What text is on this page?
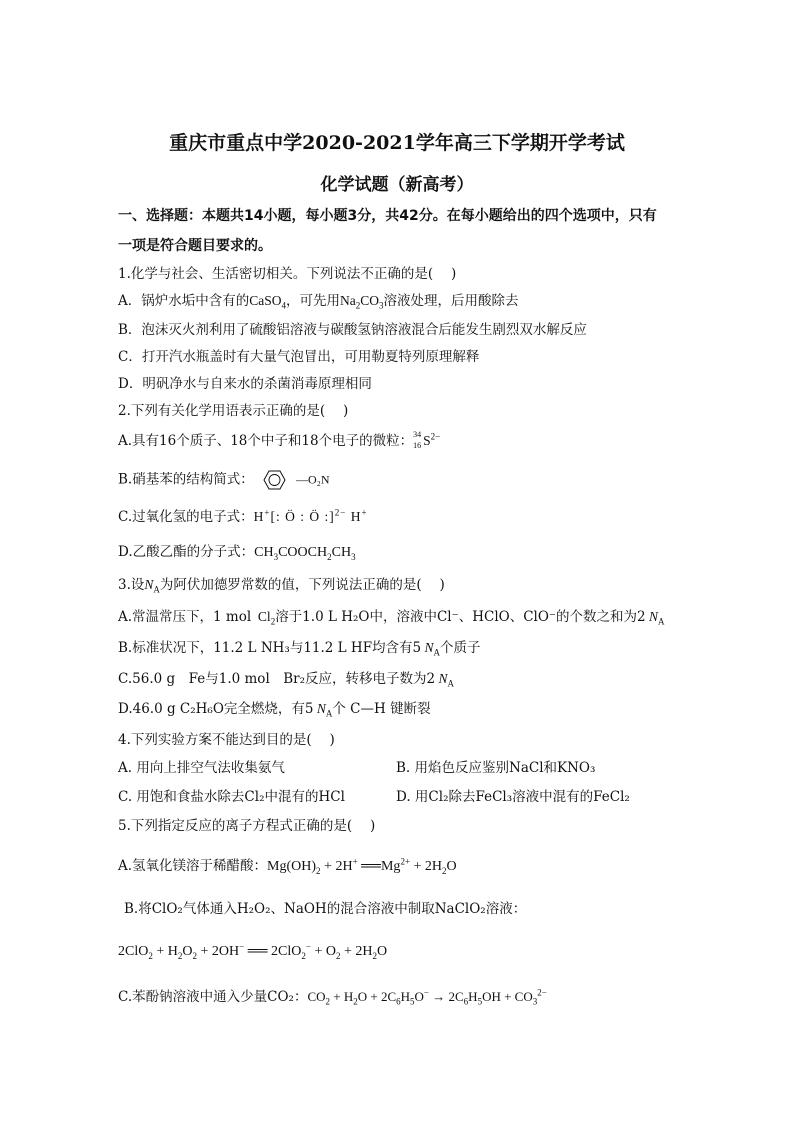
重庆市重点中学2020-2021学年高三下学期开学考试
化学试题（新高考）
一、选择题：本题共14小题，每小题3分，共42分。在每小题给出的四个选项中，只有
一项是符合题目要求的。
1.化学与社会、生活密切相关。下列说法不正确的是(　 )
A．锅炉水垢中含有的CaSO$_4$，可先用$Na_2CO_3$溶液处理，后用酸除去
B．泡沫灭火剂利用了硫酸铝溶液与碳酸氢钠溶液混合后能发生剧烈双水解反应
C．打开汽水瓶盖时有大量气泡冒出，可用勒夏特列原理解释
D．明矾净水与自来水的杀菌消毒原理相同
2.下列有关化学用语表示正确的是(　 )
A.具有16个质子、18个中子和18个电子的微粒： 34
16 $S^{2-}$
B.硝基苯的结构简式：	—O₂N
C.过氧化氢的电子式：H+[: Ö : Ö :]$^{2-}$ H+
D.乙酸乙酯的分子式：$CH_3COOCH_2CH_3$
3.设$N_A$为阿伏加德罗常数的值，下列说法正确的是(　 )
A.常温常压下，1 mol  $Cl_2$溶于1.0 L H₂O中，溶液中Cl⁻、HClO、ClO⁻的个数之和为2 $N_A$
B.标准状况下，11.2 L NH₃与11.2 L HF均含有5 $N_A$个质子
C.56.0 g　Fe与1.0 mol　Br₂反应，转移电子数为2 $N_A$
D.46.0 g C₂H₆O完全燃烧，有5 $N_A$个 C—H 键断裂
4.下列实验方案不能达到目的是(　 )
A. 用向上排空气法收集氨气	B. 用焰色反应鉴别NaCl和KNO₃
C. 用饱和食盐水除去Cl₂中混有的HCl	D. 用Cl₂除去FeCl₃溶液中混有的FeCl₂
5.下列指定反应的离子方程式正确的是(　 )
A.氢氧化镁溶于稀醋酸：$Mg(OH)_2 + 2H^+$ $══Mg^{2+} + 2H_2O$
B.将ClO₂气体通入H₂O₂、NaOH的混合溶液中制取NaClO₂溶液：
$2ClO_2 + H_2O_2 + 2OH^-$ ══ $2ClO_2^- + O_2 + 2H_2O$
C.苯酚钠溶液中通入少量CO₂：$CO_2 + H_2O + 2C_6H_5O^- \to 2C_6H_5OH + CO_3^{2-}$
